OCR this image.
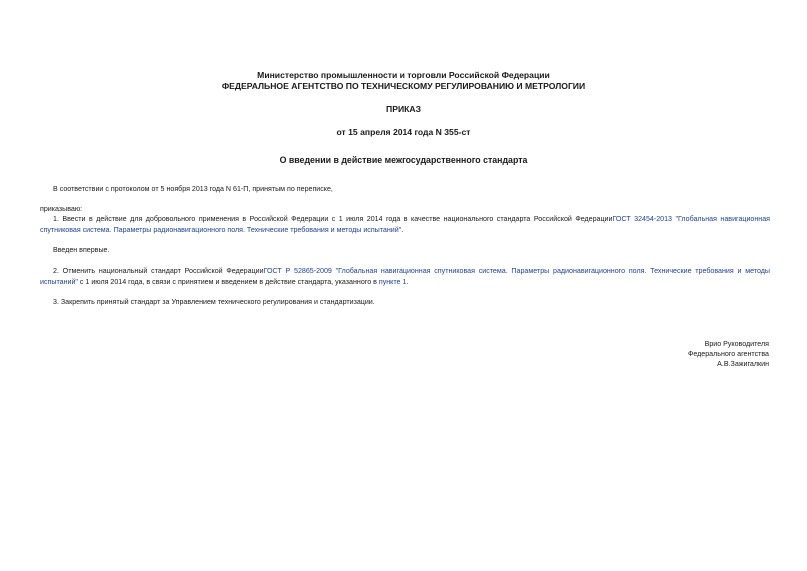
Министерство промышленности и торговли Российской Федерации
ФЕДЕРАЛЬНОЕ АГЕНТСТВО ПО ТЕХНИЧЕСКОМУ РЕГУЛИРОВАНИЮ И МЕТРОЛОГИИ
ПРИКАЗ
от 15 апреля 2014 года N 355-ст
О введении в действие межгосударственного стандарта
В соответствии с протоколом от 5 ноября 2013 года N 61-П, принятым по переписке,
приказываю:
1. Ввести в действие для добровольного применения в Российской Федерации с 1 июля 2014 года в качестве национального стандарта Российской ФедерацииГОСТ 32454-2013 "Глобальная навигационная спутниковая система. Параметры радионавигационного поля. Технические требования и методы испытаний".
Введен впервые.
2. Отменить национальный стандарт Российской ФедерацииГОСТ Р 52865-2009 "Глобальная навигационная спутниковая система. Параметры радионавигационного поля. Технические требования и методы испытаний" с 1 июля 2014 года, в связи с принятием и введением в действие стандарта, указанного в пункте 1.
3. Закрепить принятый стандарт за Управлением технического регулирования и стандартизации.
Врио Руководителя
Федерального агентства
А.В.Зажигалкин
